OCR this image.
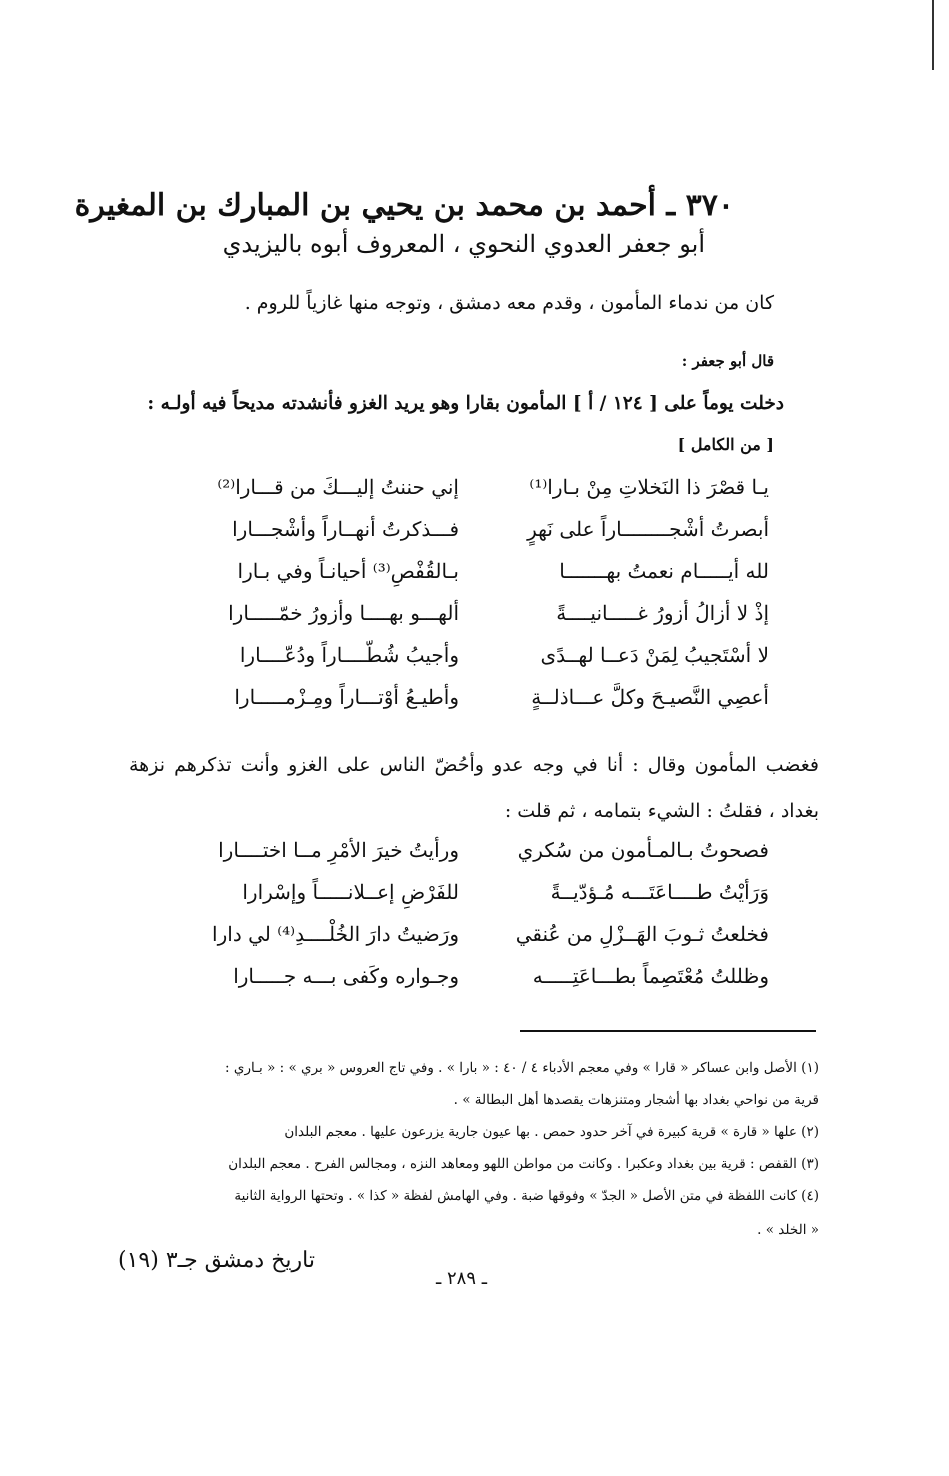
٣٧٠ ـ أحمد بن محمد بن يحيي بن المبارك بن المغيرة
أبو جعفر العدوي النحوي ، المعروف أبوه باليزيدي
كان من ندماء المأمون ، وقدم معه دمشق ، وتوجه منها غازياً للروم .
قال أبو جعفر :
دخلت يوماً على [ ١٢٤ / أ ] المأمون بقارا وهو يريد الغزو فأنشدته مديحاً فيه أولـه :
[ من الكامل ]
يـا قصْرَ ذا النَخلاتِ مِنْ بـارا⁽¹⁾
إني حننتُ إليـــكَ من قـــارا⁽²⁾
أبصرتُ أشْجــــــــاراً على نَهرٍ
فـــذكرتُ أنهــاراً وأشْجـــارا
لله أيـــــام نعمتُ بهـــــــا
بـالقُفْصِ⁽³⁾ أحيانـاً وفي بـارا
إذْ لا أزالُ أزورُ غـــــانيــــةً
ألهـــو بهــــا وأزورُ خمّـــــارا
لا أسْتَجيبُ لِمَنْ دَعــا لهــدًى
وأجيبُ شُطّــــاراً ودُعّــــارا
أعصِي النَّصيـحَ وكلَّ عـــاذلــةٍ
وأطيـعُ أوْتـــاراً ومِـزْمـــــارا
فغضب المأمون وقال : أنا في وجه عدو وأحُضّ الناس على الغزو وأنت تذكرهم نزهة بغداد ، فقلتُ : الشيء بتمامه ، ثم قلت :
فصحوتُ بـالمـأمون من سُكري
ورأيتُ خيرَ الأمْرِ مــا اختــــارا
وَرَأيْتُ طــــاعَتَـــه مُـؤدّيــةً
للفَرْضِ إعــلانـــــاً وإسْرارا
فخلعتُ ثـوبَ الهَــزْلِ من عُنقي
ورَضيتُ دارَ الخُلْــــدِ⁽⁴⁾ لي دارا
وظللتُ مُعْتَصِماً بطـــاعَتِـــــه
وجـواره وكَفى بـــه جـــــارا
(١) الأصل وابن عساكر « قارا » وفي معجم الأدباء ٤ / ٤٠ : « بارا » . وفي تاج العروس « بري » : « بـاري :
قرية من نواحي بغداد بها أشجار ومتنزهات يقصدها أهل البطالة » .
(٢) علها « قارة » قرية كبيرة في آخر حدود حمص . بها عيون جارية يزرعون عليها . معجم البلدان
(٣) القفص : قرية بين بغداد وعكبرا . وكانت من مواطن اللهو ومعاهد النزه ، ومجالس الفرح . معجم البلدان
(٤) كانت اللفظة في متن الأصل « الجدّ » وفوقها ضبة . وفي الهامش لفظة « كذا » . وتحتها الرواية الثانية
« الخلد » .
تاريخ دمشق جـ٣ (١٩)
ـ ٢٨٩ ـ
